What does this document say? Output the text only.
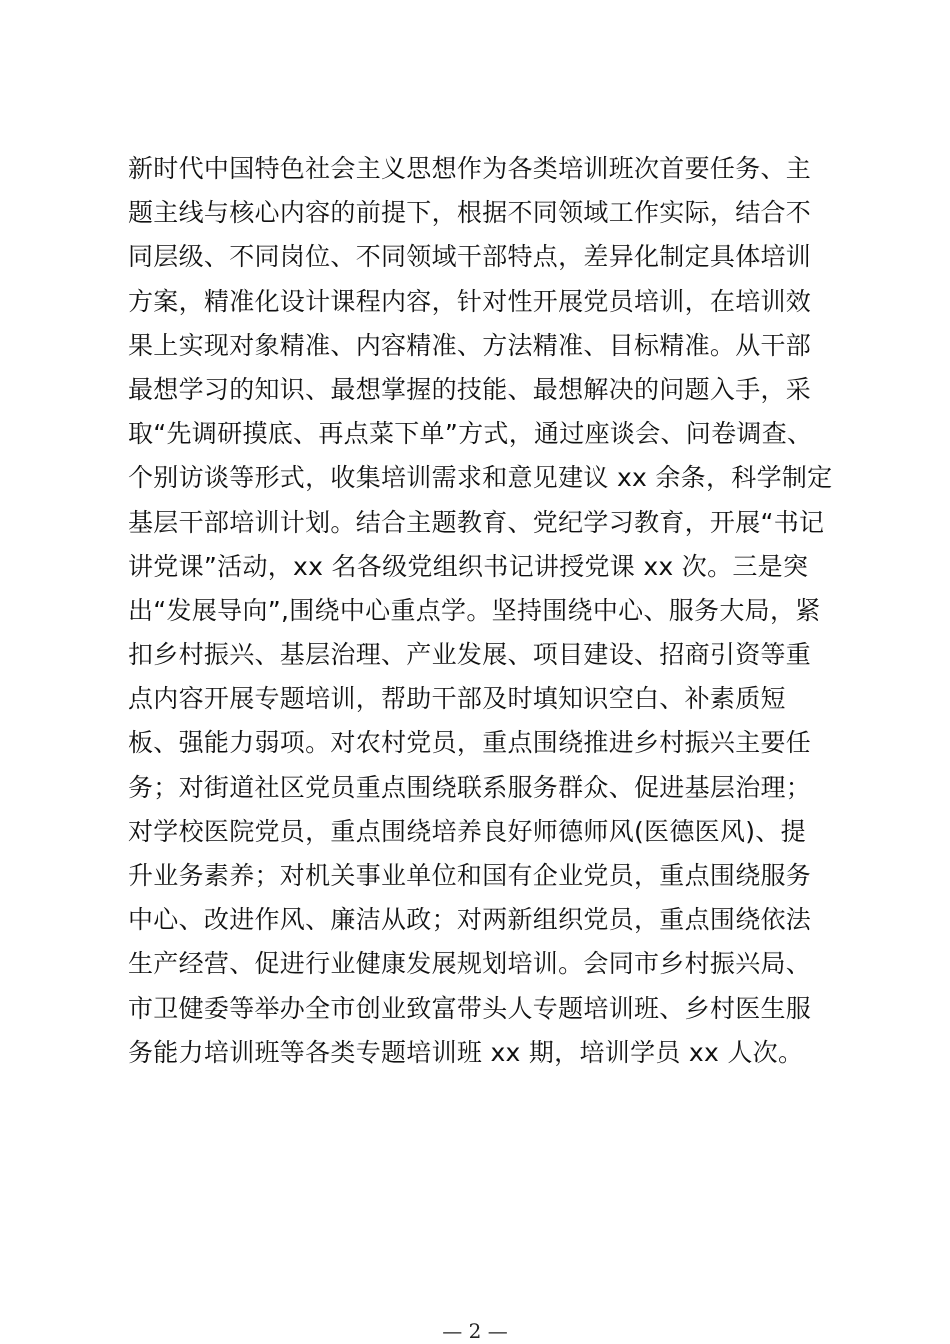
新时代中国特色社会主义思想作为各类培训班次首要任务、主
题主线与核心内容的前提下，根据不同领域工作实际，结合不
同层级、不同岗位、不同领域干部特点，差异化制定具体培训
方案，精准化设计课程内容，针对性开展党员培训，在培训效
果上实现对象精准、内容精准、方法精准、目标精准。从干部
最想学习的知识、最想掌握的技能、最想解决的问题入手，采
取“先调研摸底、再点菜下单”方式，通过座谈会、问卷调查、
个别访谈等形式，收集培训需求和意见建议 xx 余条，科学制定
基层干部培训计划。结合主题教育、党纪学习教育，开展“书记
讲党课”活动，xx 名各级党组织书记讲授党课 xx 次。三是突
出“发展导向”,围绕中心重点学。坚持围绕中心、服务大局，紧
扣乡村振兴、基层治理、产业发展、项目建设、招商引资等重
点内容开展专题培训，帮助干部及时填知识空白、补素质短
板、强能力弱项。对农村党员，重点围绕推进乡村振兴主要任
务；对街道社区党员重点围绕联系服务群众、促进基层治理；
对学校医院党员，重点围绕培养良好师德师风(医德医风)、提
升业务素养；对机关事业单位和国有企业党员，重点围绕服务
中心、改进作风、廉洁从政；对两新组织党员，重点围绕依法
生产经营、促进行业健康发展规划培训。会同市乡村振兴局、
市卫健委等举办全市创业致富带头人专题培训班、乡村医生服
务能力培训班等各类专题培训班 xx 期，培训学员 xx 人次。
— 2 —
